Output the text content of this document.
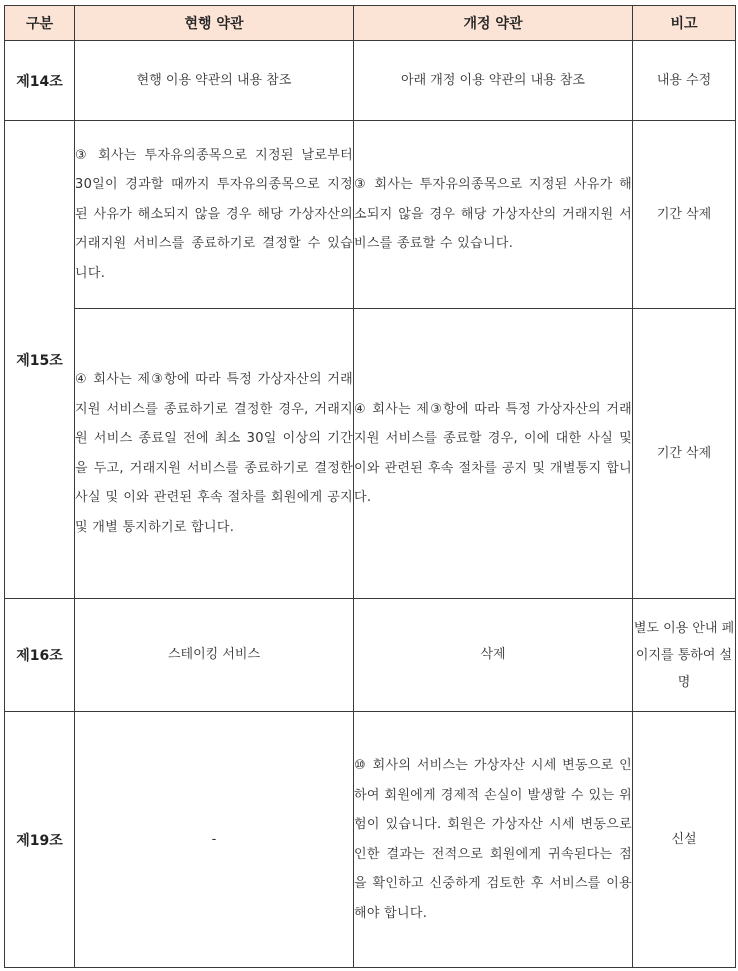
구분	현행 약관	개정 약관	비고
제14조	현행 이용 약관의 내용 참조	아래 개정 이용 약관의 내용 참조	내용 수정
제15조	③ 회사는 투자유의종목으로 지정된 날로부터 30일이 경과할 때까지 투자유의종목으로 지정된 사유가 해소되지 않을 경우 해당 가상자산의 거래지원 서비스를 종료하기로 결정할 수 있습니다.	③ 회사는 투자유의종목으로 지정된 사유가 해소되지 않을 경우 해당 가상자산의 거래지원 서비스를 종료할 수 있습니다.	기간 삭제
	④ 회사는 제③항에 따라 특정 가상자산의 거래지원 서비스를 종료하기로 결정한 경우, 거래지원 서비스 종료일 전에 최소 30일 이상의 기간을 두고, 거래지원 서비스를 종료하기로 결정한 사실 및 이와 관련된 후속 절차를 회원에게 공지 및 개별 통지하기로 합니다.	④ 회사는 제③항에 따라 특정 가상자산의 거래지원 서비스를 종료할 경우, 이에 대한 사실 및 이와 관련된 후속 절차를 공지 및 개별통지 합니다.	기간 삭제
제16조	스테이킹 서비스	삭제	별도 이용 안내 페이지를 통하여 설명
제19조	-	⑩ 회사의 서비스는 가상자산 시세 변동으로 인하여 회원에게 경제적 손실이 발생할 수 있는 위험이 있습니다. 회원은 가상자산 시세 변동으로 인한 결과는 전적으로 회원에게 귀속된다는 점을 확인하고 신중하게 검토한 후 서비스를 이용해야 합니다.	신설
